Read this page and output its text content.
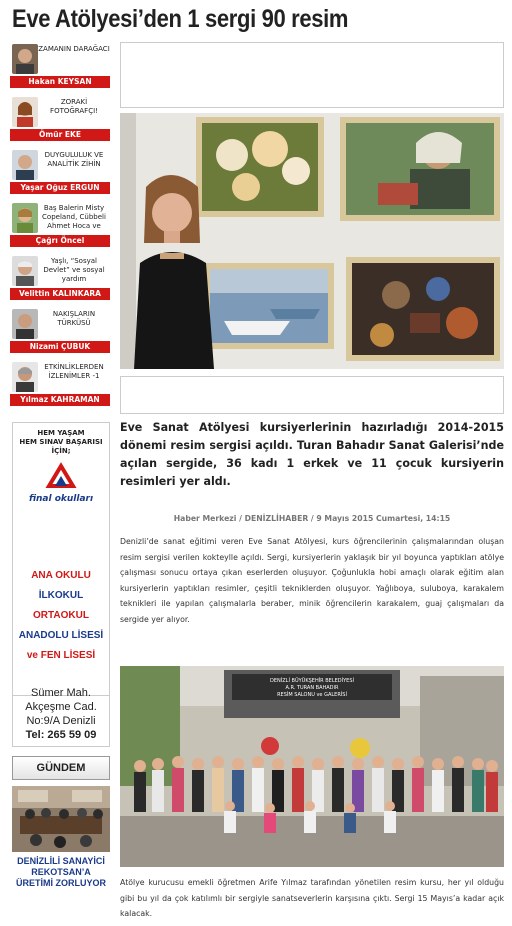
Eve Atölyesi’den 1 sergi 90 resim
ZAMANIN DARAĞACI
Hakan KEYSAN
ZORAKİ FOTOĞRAFÇI!
Ömür EKE
DUYGULULUK VE ANALİTİK ZİHİN
Yaşar Oğuz ERGUN
Baş Balerin Misty Copeland, Cübbeli Ahmet Hoca ve
Çağrı Öncel
Yaşlı, “Sosyal Devlet” ve sosyal yardım
Velittin KALINKARA
NAKIŞLARIN TÜRKÜSÜ
Nizami ÇUBUK
ETKİNLİKLERDEN İZLENİMLER -1
Yılmaz KAHRAMAN
HEM YAŞAM
HEM SINAV BAŞARISI
İÇİN;
final okulları
ANA OKULU
İLKOKUL
ORTAOKUL
ANADOLU LİSESİ
ve FEN LİSESİ
Sümer Mah.
Akçeşme Cad.
No:9/A Denizli
Tel: 265 59 09
GÜNDEM
DENİZLİLİ SANAYİCİ REKOTSAN’A ÜRETİMİ ZORLUYOR
Eve Sanat Atölyesi kursiyerlerinin hazırladığı 2014-2015 dönemi resim sergisi açıldı. Turan Bahadır Sanat Galerisi’nde açılan sergide, 36 kadı 1 erkek ve 11 çocuk kursiyerin resimleri yer aldı.
Haber Merkezi / DENİZLİHABER / 9 Mayıs 2015 Cumartesi, 14:15
Denizli’de sanat eğitimi veren Eve Sanat Atölyesi, kurs öğrencilerinin çalışmalarından oluşan resim sergisi verilen kokteylle açıldı. Sergi, kursiyerlerin yaklaşık bir yıl boyunca yaptıkları atölye çalışması sonucu ortaya çıkan eserlerden oluşuyor. Çoğunlukla hobi amaçlı olarak eğitim alan kursiyerlerin yaptıkları resimler, çeşitli tekniklerden oluşuyor. Yağlıboya, suluboya, karakalem teknikleri ile yapılan çalışmalarla beraber, minik öğrencilerin karakalem, guaj çalışmaları da sergide yer alıyor.
DENİZLİ BÜYÜKŞEHİR BELEDİYESİ
A.R. TURAN BAHADIR
RESİM SALONU ve GALERİSİ
Atölye kurucusu emekli öğretmen Arife Yılmaz tarafından yönetilen resim kursu, her yıl olduğu gibi bu yıl da çok katılımlı bir sergiyle sanatseverlerin karşısına çıktı. Sergi 15 Mayıs’a kadar açık kalacak.
